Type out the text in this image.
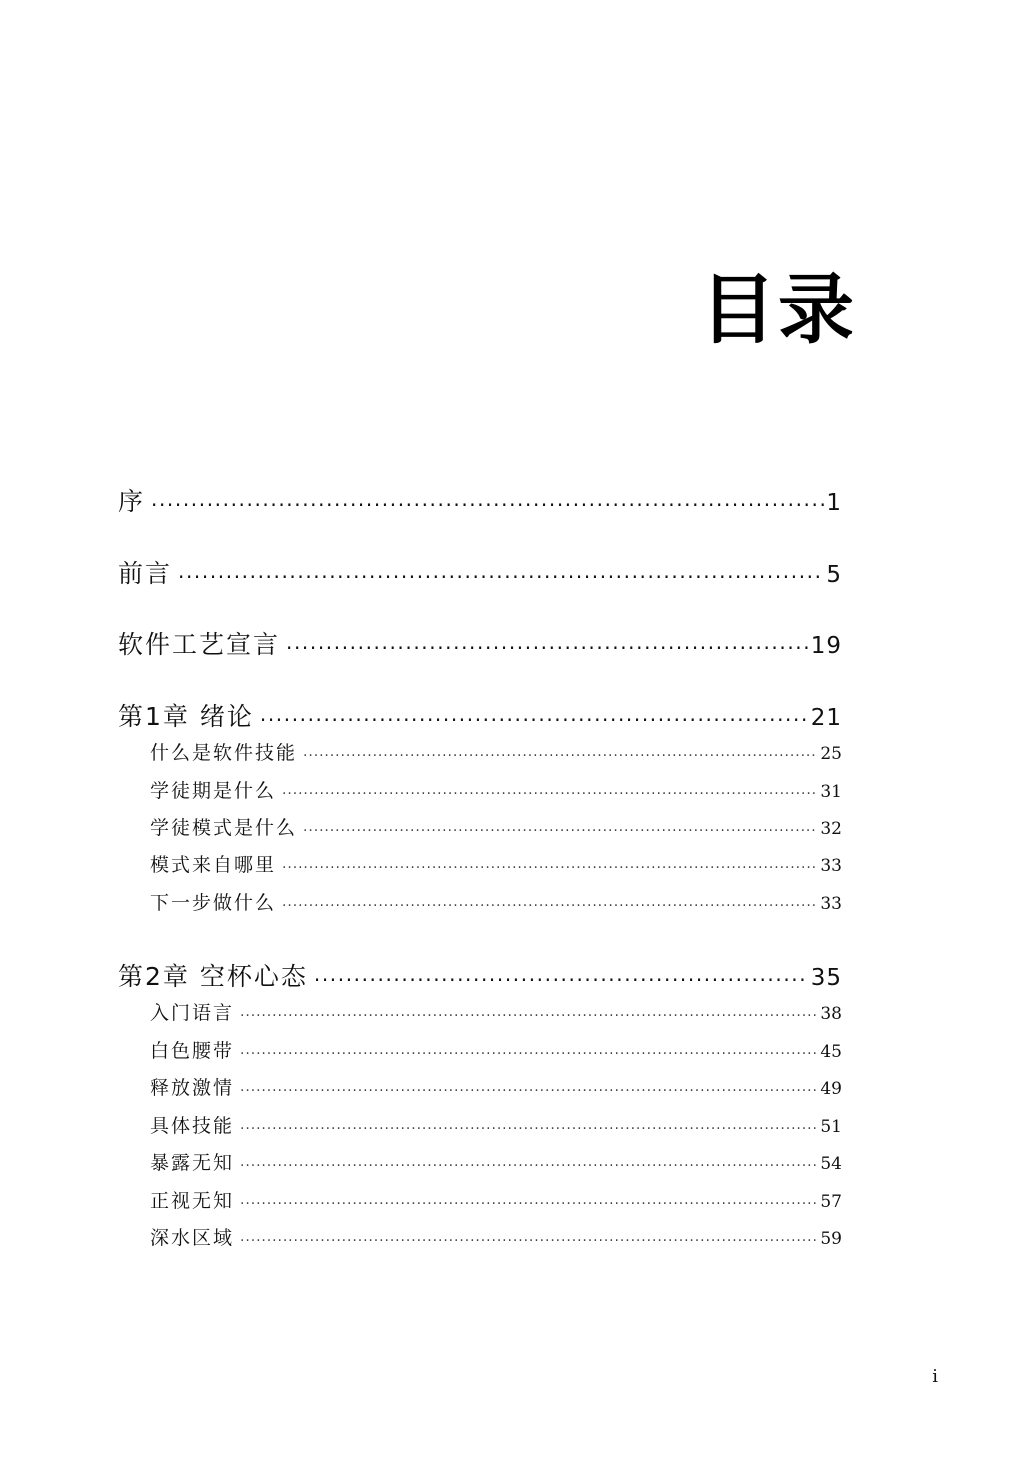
目录
序 .....	1
前言 .....	5
软件工艺宣言 .....	19
第1章 绪论 .....	21
什么是软件技能 .....	25
学徒期是什么 .....	31
学徒模式是什么 .....	32
模式来自哪里 .....	33
下一步做什么 .....	33
第2章 空杯心态 .....	35
入门语言 .....	38
白色腰带 .....	45
释放激情 .....	49
具体技能 .....	51
暴露无知 .....	54
正视无知 .....	57
深水区域 .....	59
i
